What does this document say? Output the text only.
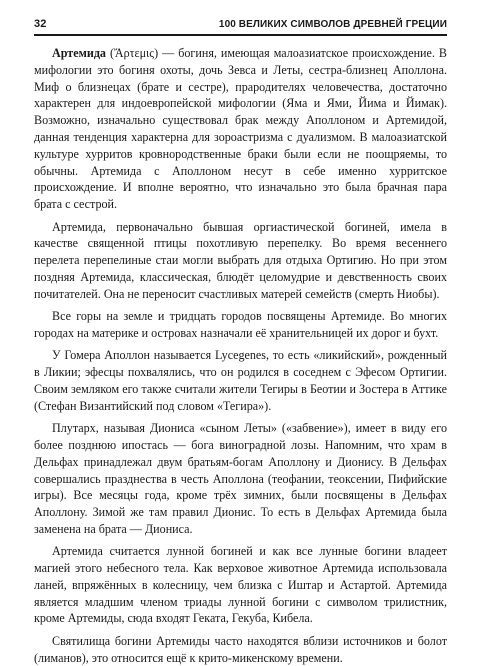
32	100 ВЕЛИКИХ СИМВОЛОВ ДРЕВНЕЙ ГРЕЦИИ

Артемида (Ἄρτεμις) — богиня, имеющая малоазиатское происхождение. В мифологии это богиня охоты, дочь Зевса и Леты, сестра-близнец Аполлона. Миф о близнецах (брате и сестре), прародителях человечества, достаточно характерен для индоевропейской мифологии (Яма и Ями, Йима и Йимак). Возможно, изначально существовал брак между Аполлоном и Артемидой, данная тенденция характерна для зороастризма с дуализмом. В малоазиатской культуре хурритов кровнородственные браки были если не поощряемы, то обычны. Артемида с Аполлоном несут в себе именно хурритское происхождение. И вполне вероятно, что изначально это была брачная пара брата с сестрой.

Артемида, первоначально бывшая оргиастической богиней, имела в качестве священной птицы похотливую перепелку. Во время весеннего перелета перепелиные стаи могли выбрать для отдыха Ортигию. Но при этом поздняя Артемида, классическая, блюдёт целомудрие и девственность своих почитателей. Она не переносит счастливых матерей семейств (смерть Ниобы).

Все горы на земле и тридцать городов посвящены Артемиде. Во многих городах на материке и островах назначали её хранительницей их дорог и бухт.

У Гомера Аполлон называется Lycegenes, то есть «ликийский», рожденный в Ликии; эфесцы похвалялись, что он родился в соседнем с Эфесом Ортигии. Своим земляком его также считали жители Тегиры в Беотии и Зостера в Аттике (Стефан Византийский под словом «Тегира»).

Плутарх, называя Диониса «сыном Леты» («забвение»), имеет в виду его более позднюю ипостась — бога виноградной лозы. Напомним, что храм в Дельфах принадлежал двум братьям-богам Аполлону и Дионису. В Дельфах совершались празднества в честь Аполлона (теофании, теоксении, Пифийские игры). Все месяцы года, кроме трёх зимних, были посвящены в Дельфах Аполлону. Зимой же там правил Дионис. То есть в Дельфах Артемида была заменена на брата — Диониса.

Артемида считается лунной богиней и как все лунные богини владеет магией этого небесного тела. Как верховое животное Артемида использовала ланей, впряжённых в колесницу, чем близка с Иштар и Астартой. Артемида является младшим членом триады лунной богини с символом трилистник, кроме Артемиды, сюда входят Геката, Гекуба, Кибела.

Святилища богини Артемиды часто находятся вблизи источников и болот (лиманов), это относится ещё к крито-микенскому времени.
